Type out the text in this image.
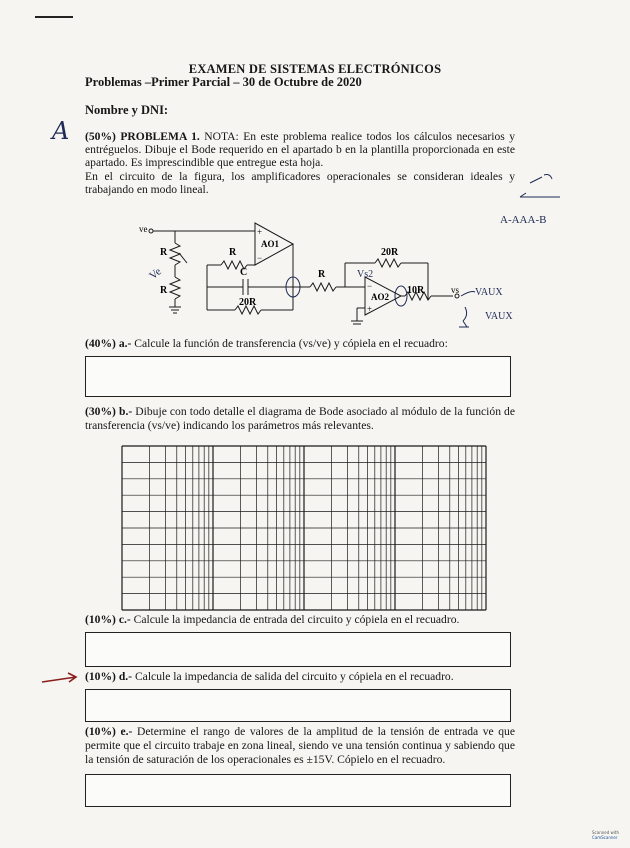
EXAMEN DE SISTEMAS ELECTRÓNICOS
Problemas –Primer Parcial – 30 de Octubre de 2020
Nombre y DNI:
A (50%) PROBLEMA 1. NOTA: En este problema realice todos los cálculos necesarios y entréguelos. Dibuje el Bode requerido en el apartado b en la plantilla proporcionada en este apartado. Es imprescindible que entregue esta hoja.
En el circuito de la figura, los amplificadores operacionales se consideran ideales y trabajando en modo lineal.
A-AAA-B
ve
R
R
Ve
AO1
+
−
R
C
20R
R
20R
AO2
−
+
10R	vs
Vs2
VAUX
VAUX
(40%) a.- Calcule la función de transferencia (vs/ve) y cópiela en el recuadro:
(30%) b.- Dibuje con todo detalle el diagrama de Bode asociado al módulo de la función de transferencia (vs/ve) indicando los parámetros más relevantes.
(10%) c.- Calcule la impedancia de entrada del circuito y cópiela en el recuadro.
(10%) d.- Calcule la impedancia de salida del circuito y cópiela en el recuadro.
(10%) e.- Determine el rango de valores de la amplitud de la tensión de entrada ve que permite que el circuito trabaje en zona lineal, siendo ve una tensión continua y sabiendo que la tensión de saturación de los operacionales es ±15V. Cópielo en el recuadro.
Scanned with
CamScanner
